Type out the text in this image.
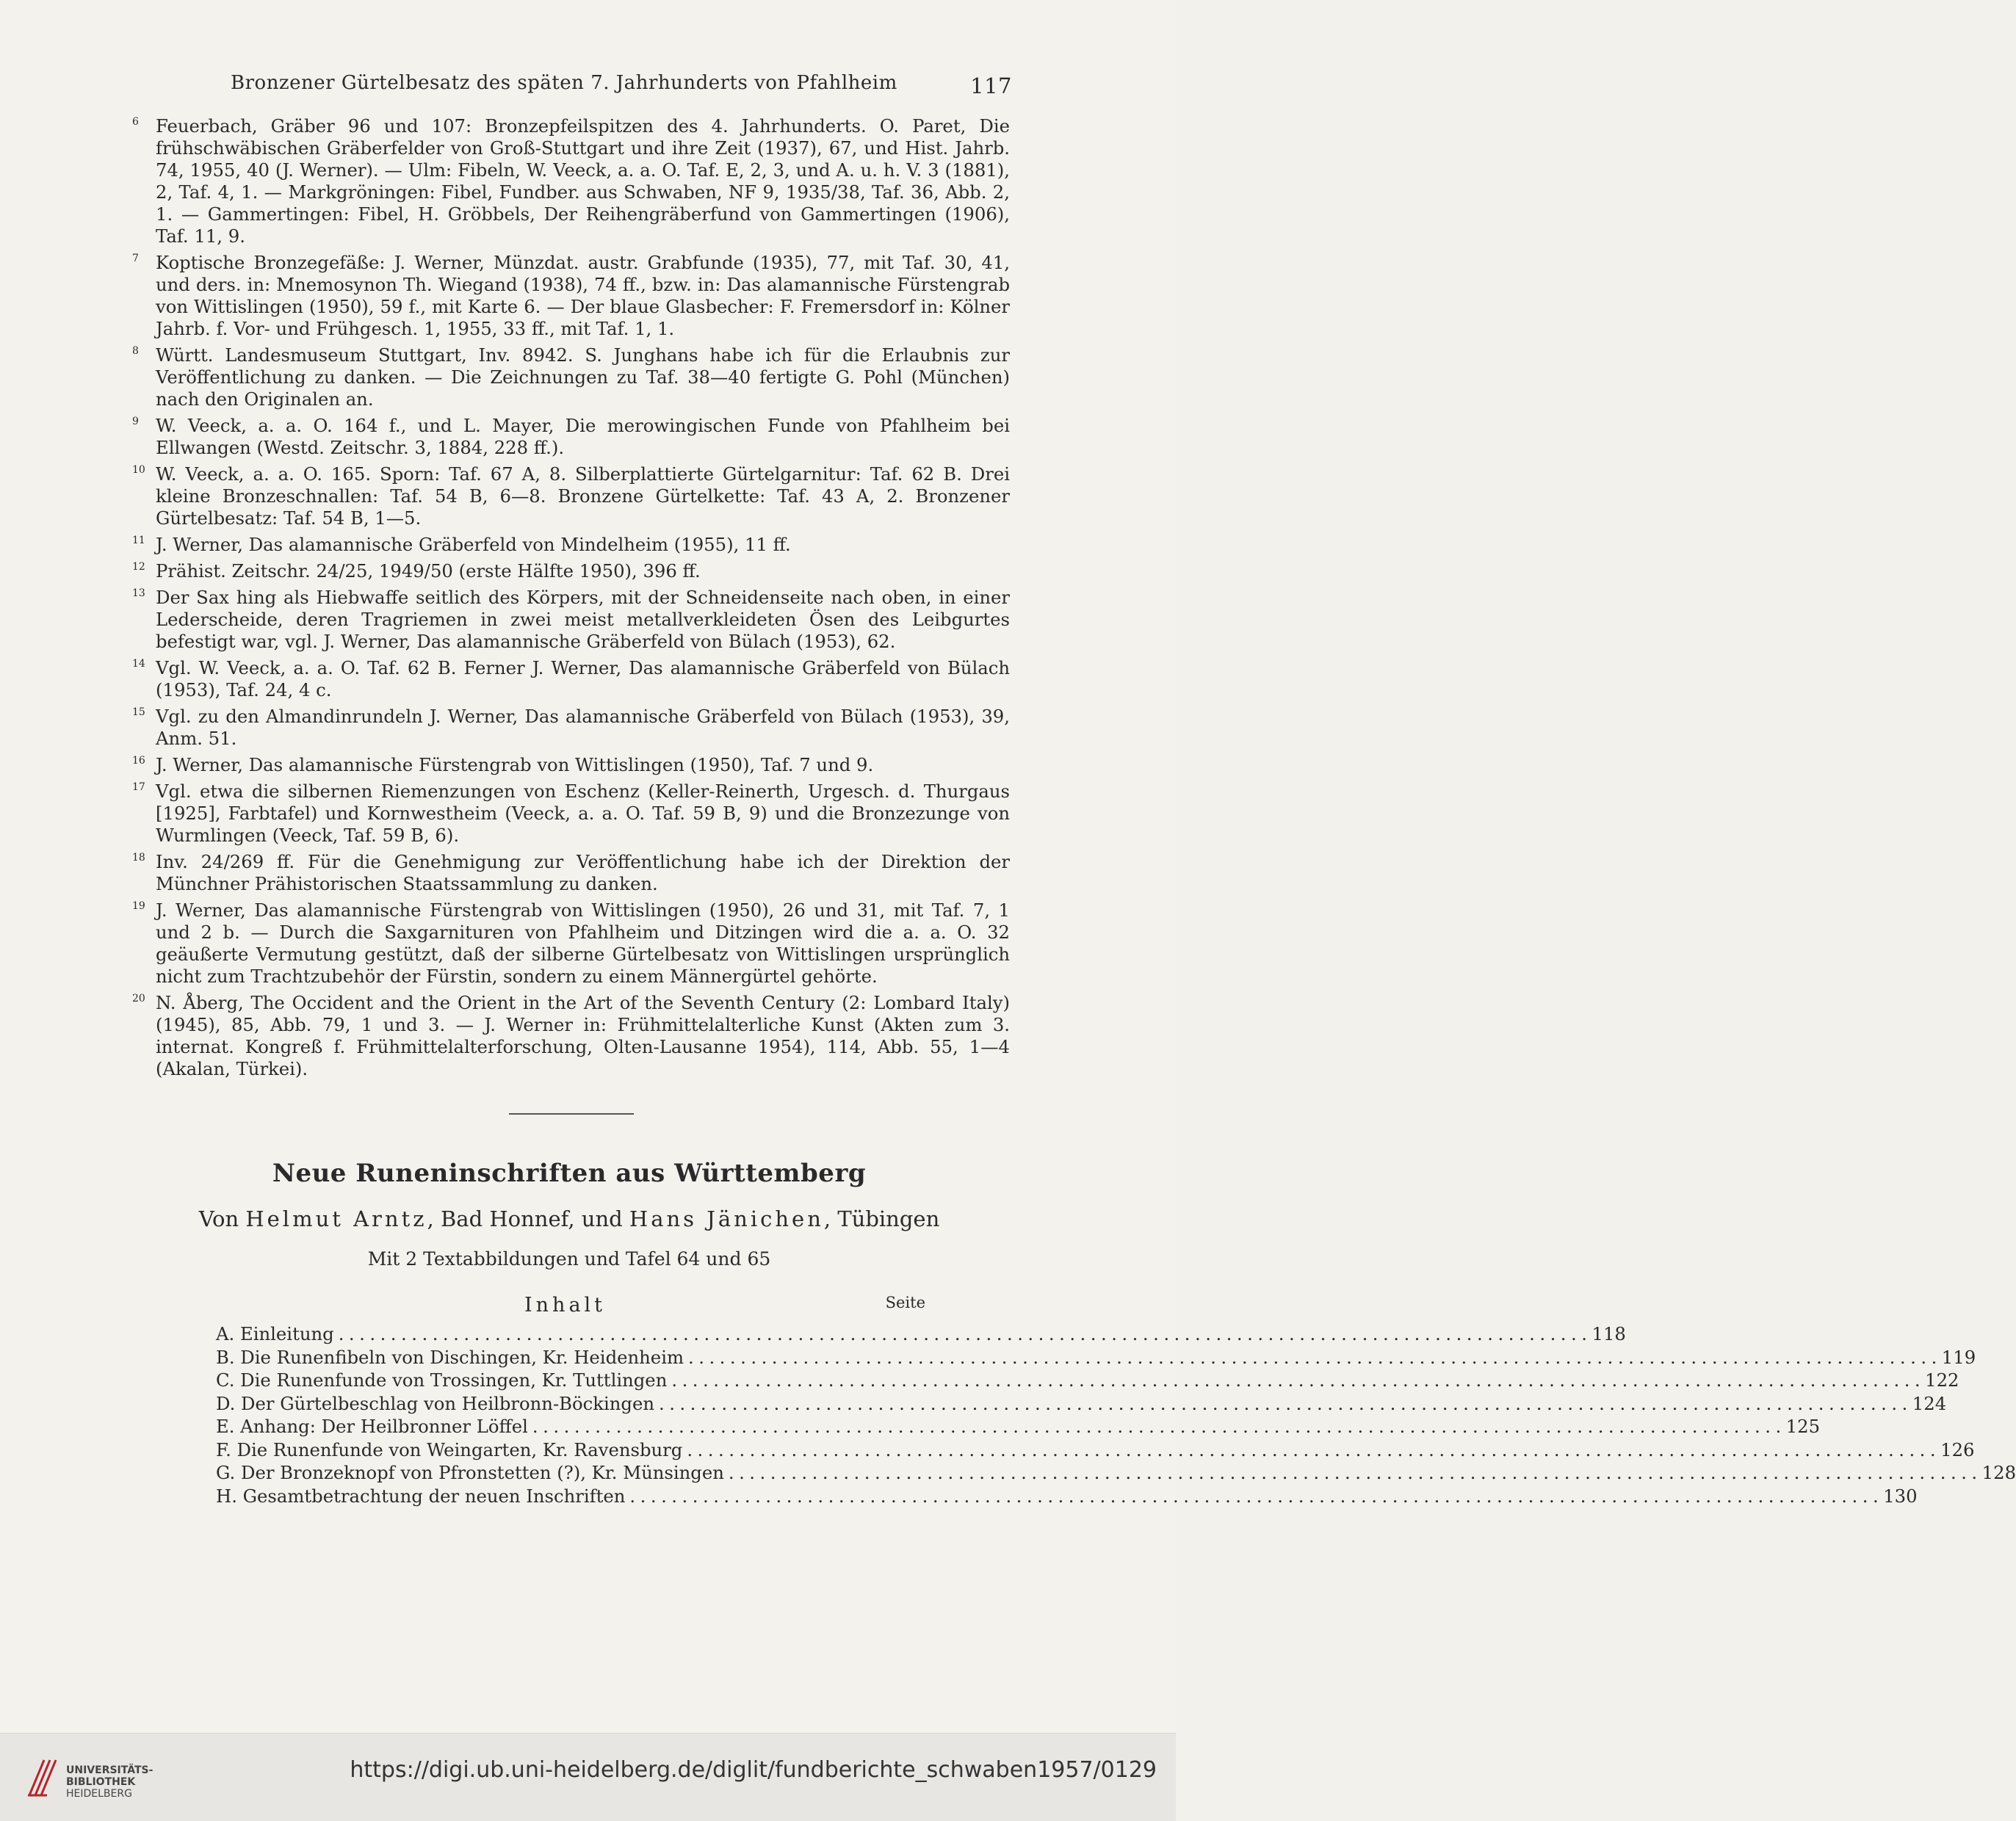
Bronzener Gürtelbesatz des späten 7. Jahrhunderts von Pfahlheim	117
6 Feuerbach, Gräber 96 und 107: Bronzepfeilspitzen des 4. Jahrhunderts. O. Paret, Die frühschwäbischen Gräberfelder von Groß-Stuttgart und ihre Zeit (1937), 67, und Hist. Jahrb. 74, 1955, 40 (J. Werner). — Ulm: Fibeln, W. Veeck, a. a. O. Taf. E, 2, 3, und A. u. h. V. 3 (1881), 2, Taf. 4, 1. — Markgröningen: Fibel, Fundber. aus Schwaben, NF 9, 1935/38, Taf. 36, Abb. 2, 1. — Gammertingen: Fibel, H. Gröbbels, Der Reihengräberfund von Gammertingen (1906), Taf. 11, 9.
7 Koptische Bronzegefäße: J. Werner, Münzdat. austr. Grabfunde (1935), 77, mit Taf. 30, 41, und ders. in: Mnemosynon Th. Wiegand (1938), 74 ff., bzw. in: Das alamannische Fürstengrab von Wittislingen (1950), 59 f., mit Karte 6. — Der blaue Glasbecher: F. Fremersdorf in: Kölner Jahrb. f. Vor- und Frühgesch. 1, 1955, 33 ff., mit Taf. 1, 1.
8 Württ. Landesmuseum Stuttgart, Inv. 8942. S. Junghans habe ich für die Erlaubnis zur Veröffentlichung zu danken. — Die Zeichnungen zu Taf. 38—40 fertigte G. Pohl (München) nach den Originalen an.
9 W. Veeck, a. a. O. 164 f., und L. Mayer, Die merowingischen Funde von Pfahlheim bei Ellwangen (Westd. Zeitschr. 3, 1884, 228 ff.).
10 W. Veeck, a. a. O. 165. Sporn: Taf. 67 A, 8. Silberplattierte Gürtelgarnitur: Taf. 62 B. Drei kleine Bronzeschnallen: Taf. 54 B, 6—8. Bronzene Gürtelkette: Taf. 43 A, 2. Bronzener Gürtelbesatz: Taf. 54 B, 1—5.
11 J. Werner, Das alamannische Gräberfeld von Mindelheim (1955), 11 ff.
12 Prähist. Zeitschr. 24/25, 1949/50 (erste Hälfte 1950), 396 ff.
13 Der Sax hing als Hiebwaffe seitlich des Körpers, mit der Schneidenseite nach oben, in einer Lederscheide, deren Tragriemen in zwei meist metallverkleideten Ösen des Leibgurtes befestigt war, vgl. J. Werner, Das alamannische Gräberfeld von Bülach (1953), 62.
14 Vgl. W. Veeck, a. a. O. Taf. 62 B. Ferner J. Werner, Das alamannische Gräberfeld von Bülach (1953), Taf. 24, 4 c.
15 Vgl. zu den Almandinrundeln J. Werner, Das alamannische Gräberfeld von Bülach (1953), 39, Anm. 51.
16 J. Werner, Das alamannische Fürstengrab von Wittislingen (1950), Taf. 7 und 9.
17 Vgl. etwa die silbernen Riemenzungen von Eschenz (Keller-Reinerth, Urgesch. d. Thurgaus [1925], Farbtafel) und Kornwestheim (Veeck, a. a. O. Taf. 59 B, 9) und die Bronzezunge von Wurmlingen (Veeck, Taf. 59 B, 6).
18 Inv. 24/269 ff. Für die Genehmigung zur Veröffentlichung habe ich der Direktion der Münchner Prähistorischen Staatssammlung zu danken.
19 J. Werner, Das alamannische Fürstengrab von Wittislingen (1950), 26 und 31, mit Taf. 7, 1 und 2 b. — Durch die Saxgarnituren von Pfahlheim und Ditzingen wird die a. a. O. 32 geäußerte Vermutung gestützt, daß der silberne Gürtelbesatz von Wittislingen ursprünglich nicht zum Trachtzubehör der Fürstin, sondern zu einem Männergürtel gehörte.
20 N. Åberg, The Occident and the Orient in the Art of the Seventh Century (2: Lombard Italy) (1945), 85, Abb. 79, 1 und 3. — J. Werner in: Frühmittelalterliche Kunst (Akten zum 3. internat. Kongreß f. Frühmittelalterforschung, Olten-Lausanne 1954), 114, Abb. 55, 1—4 (Akalan, Türkei).
Neue Runeninschriften aus Württemberg
Von Helmut Arntz, Bad Honnef, und Hans Jänichen, Tübingen
Mit 2 Textabbildungen und Tafel 64 und 65
Inhalt	Seite
A. Einleitung ........................................................................................................................ 118
B. Die Runenfibeln von Dischingen, Kr. Heidenheim ........................................................................................................................ 119
C. Die Runenfunde von Trossingen, Kr. Tuttlingen ........................................................................................................................ 122
D. Der Gürtelbeschlag von Heilbronn-Böckingen ........................................................................................................................ 124
E. Anhang: Der Heilbronner Löffel ........................................................................................................................ 125
F. Die Runenfunde von Weingarten, Kr. Ravensburg ........................................................................................................................ 126
G. Der Bronzeknopf von Pfronstetten (?), Kr. Münsingen ........................................................................................................................ 128
H. Gesamtbetrachtung der neuen Inschriften ........................................................................................................................ 130
UNIVERSITÄTS-
BIBLIOTHEK
HEIDELBERG
https://digi.ub.uni-heidelberg.de/diglit/fundberichte_schwaben1957/0129
